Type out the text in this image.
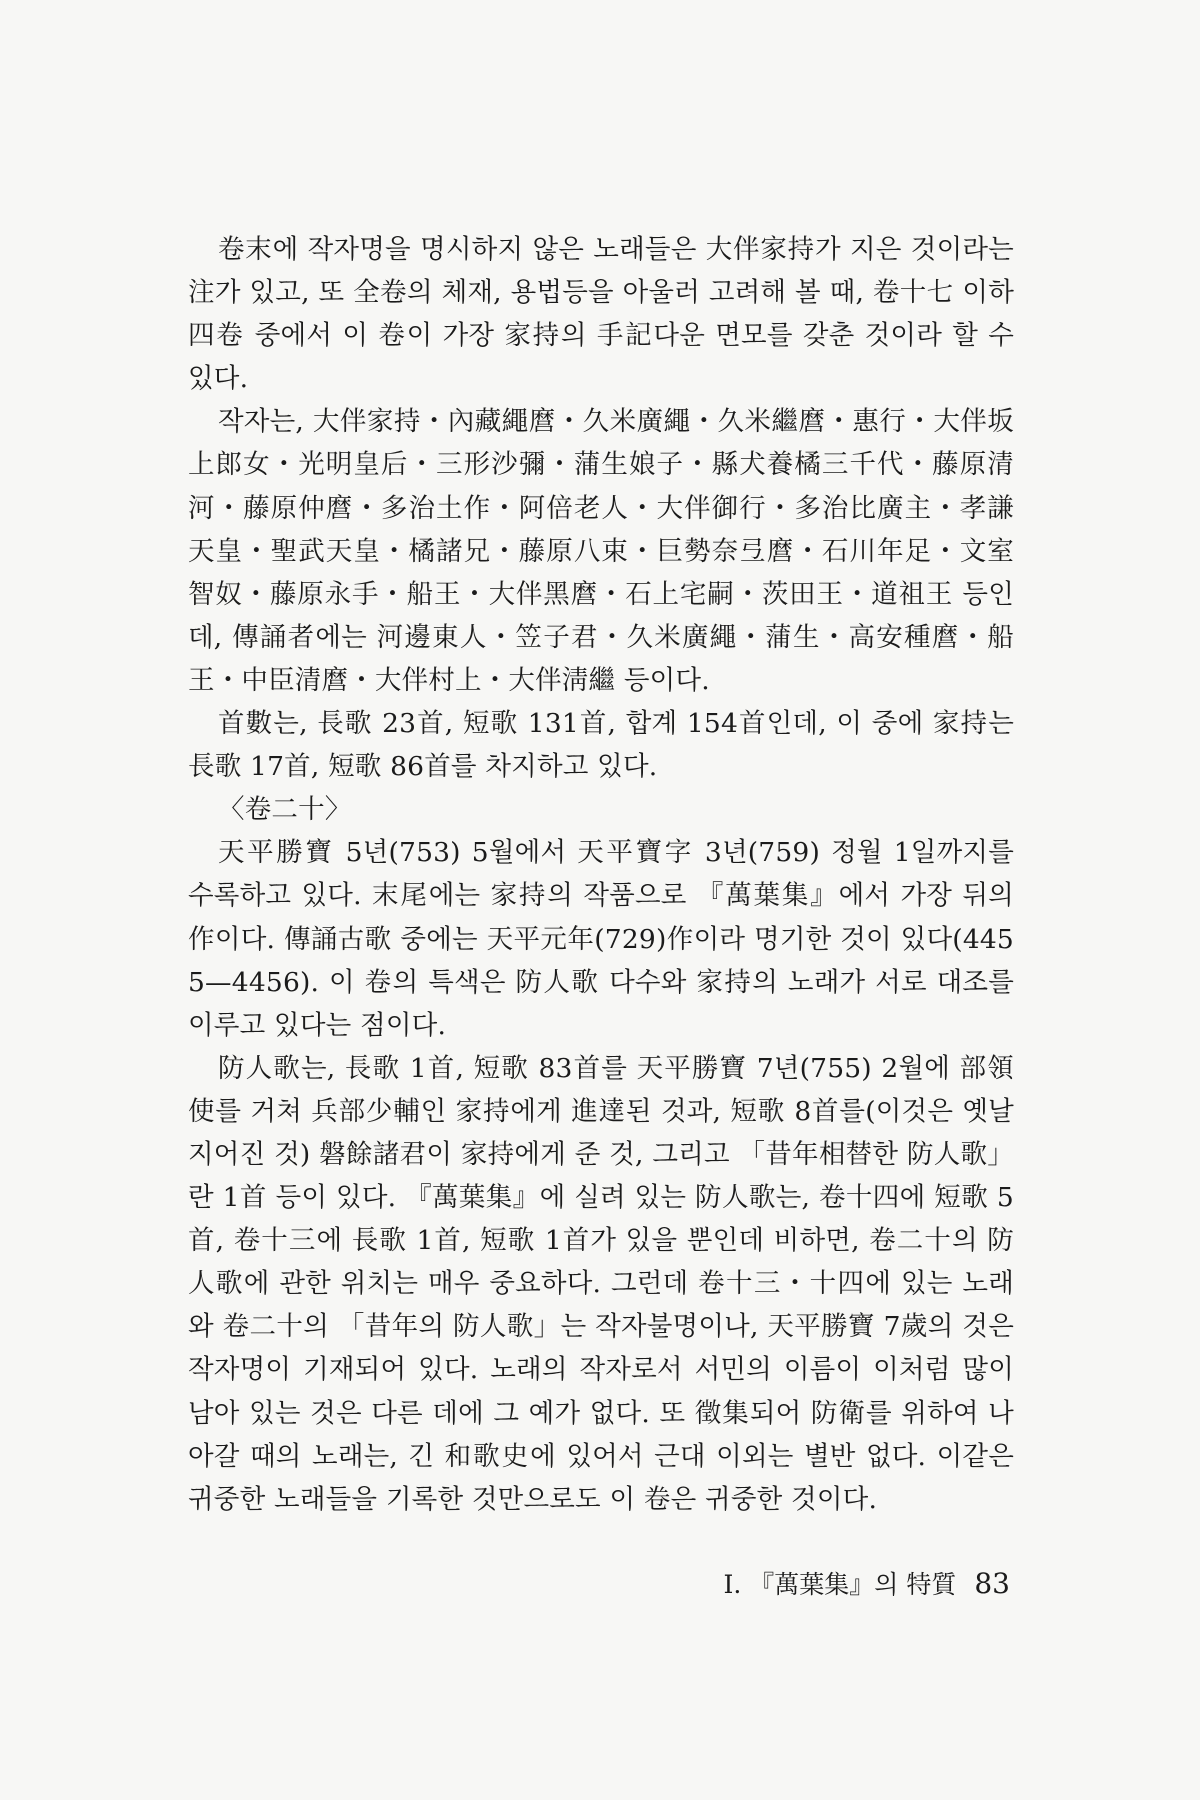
卷末에 작자명을 명시하지 않은 노래들은 大伴家持가 지은 것이라는 注가 있고, 또 全卷의 체재, 용법등을 아울러 고려해 볼 때, 卷十七 이하 四卷 중에서 이 卷이 가장 家持의 手記다운 면모를 갖춘 것이라 할 수 있다.

작자는, 大伴家持・內藏繩麿・久米廣繩・久米繼麿・惠行・大伴坂上郎女・光明皇后・三形沙彌・蒲生娘子・縣犬養橘三千代・藤原清河・藤原仲麿・多治土作・阿倍老人・大伴御行・多治比廣主・孝謙天皇・聖武天皇・橘諸兄・藤原八束・巨勢奈弖麿・石川年足・文室智奴・藤原永手・船王・大伴黑麿・石上宅嗣・茨田王・道祖王 등인데, 傳誦者에는 河邊東人・笠子君・久米廣繩・蒲生・高安種麿・船王・中臣清麿・大伴村上・大伴淸繼 등이다.

首數는, 長歌 23首, 短歌 131首, 합계 154首인데, 이 중에 家持는 長歌 17首, 短歌 86首를 차지하고 있다.

〈卷二十〉

天平勝寶 5년(753) 5월에서 天平寶字 3년(759) 정월 1일까지를 수록하고 있다. 末尾에는 家持의 작품으로 『萬葉集』에서 가장 뒤의 作이다. 傳誦古歌 중에는 天平元年(729)作이라 명기한 것이 있다(4455—4456). 이 卷의 특색은 防人歌 다수와 家持의 노래가 서로 대조를 이루고 있다는 점이다.

防人歌는, 長歌 1首, 短歌 83首를 天平勝寶 7년(755) 2월에 部領使를 거쳐 兵部少輔인 家持에게 進達된 것과, 短歌 8首를(이것은 옛날 지어진 것) 磐餘諸君이 家持에게 준 것, 그리고 「昔年相替한 防人歌」란 1首 등이 있다. 『萬葉集』에 실려 있는 防人歌는, 卷十四에 短歌 5首, 卷十三에 長歌 1首, 短歌 1首가 있을 뿐인데 비하면, 卷二十의 防人歌에 관한 위치는 매우 중요하다. 그런데 卷十三・十四에 있는 노래와 卷二十의 「昔年의 防人歌」는 작자불명이나, 天平勝寶 7歲의 것은 작자명이 기재되어 있다. 노래의 작자로서 서민의 이름이 이처럼 많이 남아 있는 것은 다른 데에 그 예가 없다. 또 徵集되어 防衛를 위하여 나아갈 때의 노래는, 긴 和歌史에 있어서 근대 이외는 별반 없다. 이같은 귀중한 노래들을 기록한 것만으로도 이 卷은 귀중한 것이다.

I. 『萬葉集』의 特質 83
